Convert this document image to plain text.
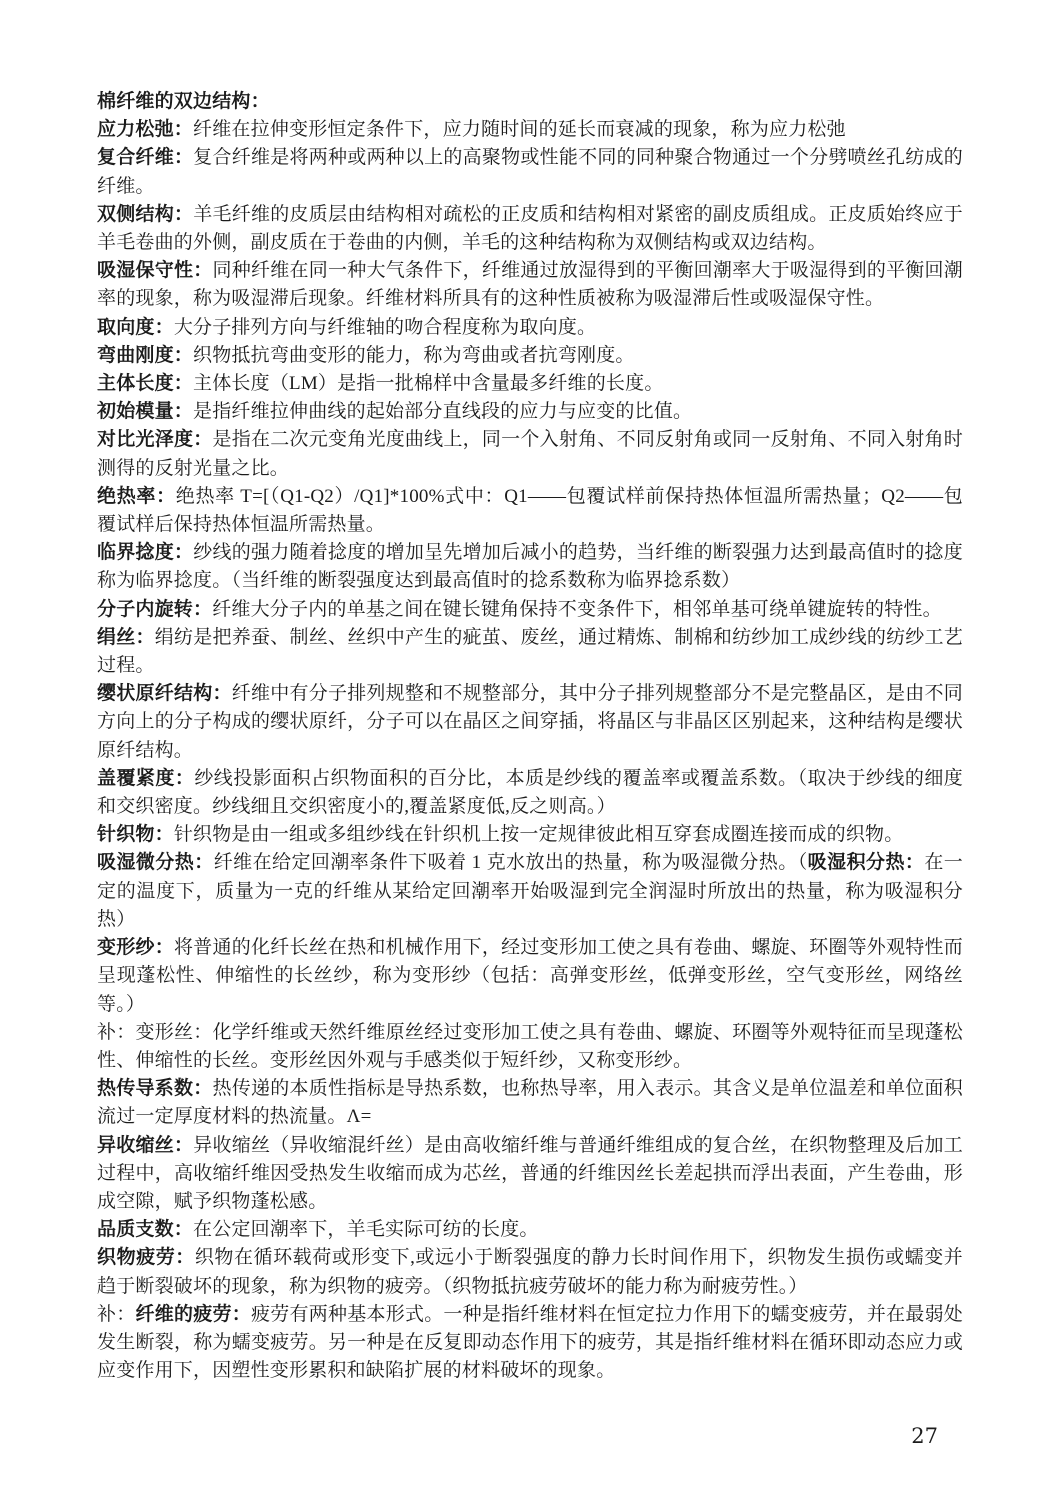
棉纤维的双边结构：

应力松弛：纤维在拉伸变形恒定条件下，应力随时间的延长而衰减的现象，称为应力松弛

复合纤维：复合纤维是将两种或两种以上的高聚物或性能不同的同种聚合物通过一个分劈喷丝孔纺成的纤维。

双侧结构：羊毛纤维的皮质层由结构相对疏松的正皮质和结构相对紧密的副皮质组成。正皮质始终应于羊毛卷曲的外侧，副皮质在于卷曲的内侧，羊毛的这种结构称为双侧结构或双边结构。

吸湿保守性：同种纤维在同一种大气条件下，纤维通过放湿得到的平衡回潮率大于吸湿得到的平衡回潮率的现象，称为吸湿滞后现象。纤维材料所具有的这种性质被称为吸湿滞后性或吸湿保守性。

取向度：大分子排列方向与纤维轴的吻合程度称为取向度。

弯曲刚度：织物抵抗弯曲变形的能力，称为弯曲或者抗弯刚度。

主体长度：主体长度（LM）是指一批棉样中含量最多纤维的长度。

初始模量：是指纤维拉伸曲线的起始部分直线段的应力与应变的比值。

对比光泽度：是指在二次元变角光度曲线上，同一个入射角、不同反射角或同一反射角、不同入射角时测得的反射光量之比。

绝热率：绝热率 T=[（Q1-Q2）/Q1]*100%式中：Q1——包覆试样前保持热体恒温所需热量；Q2——包覆试样后保持热体恒温所需热量。

临界捻度：纱线的强力随着捻度的增加呈先增加后减小的趋势，当纤维的断裂强力达到最高值时的捻度称为临界捻度。（当纤维的断裂强度达到最高值时的捻系数称为临界捻系数）

分子内旋转：纤维大分子内的单基之间在键长键角保持不变条件下，相邻单基可绕单键旋转的特性。

绢丝：绢纺是把养蚕、制丝、丝织中产生的疵茧、废丝，通过精炼、制棉和纺纱加工成纱线的纺纱工艺过程。

缨状原纤结构：纤维中有分子排列规整和不规整部分，其中分子排列规整部分不是完整晶区，是由不同方向上的分子构成的缨状原纤，分子可以在晶区之间穿插，将晶区与非晶区区别起来，这种结构是缨状原纤结构。

盖覆紧度：纱线投影面积占织物面积的百分比，本质是纱线的覆盖率或覆盖系数。（取决于纱线的细度和交织密度。纱线细且交织密度小的,覆盖紧度低,反之则高。）

针织物：针织物是由一组或多组纱线在针织机上按一定规律彼此相互穿套成圈连接而成的织物。

吸湿微分热：纤维在给定回潮率条件下吸着 1 克水放出的热量，称为吸湿微分热。（吸湿积分热：在一定的温度下，质量为一克的纤维从某给定回潮率开始吸湿到完全润湿时所放出的热量，称为吸湿积分热）

变形纱：将普通的化纤长丝在热和机械作用下，经过变形加工使之具有卷曲、螺旋、环圈等外观特性而呈现蓬松性、伸缩性的长丝纱，称为变形纱（包括：高弹变形丝，低弹变形丝，空气变形丝，网络丝等。）

补：变形丝：化学纤维或天然纤维原丝经过变形加工使之具有卷曲、螺旋、环圈等外观特征而呈现蓬松性、伸缩性的长丝。变形丝因外观与手感类似于短纤纱，又称变形纱。

热传导系数：热传递的本质性指标是导热系数，也称热导率，用入表示。其含义是单位温差和单位面积流过一定厚度材料的热流量。Λ=

异收缩丝：异收缩丝（异收缩混纤丝）是由高收缩纤维与普通纤维组成的复合丝，在织物整理及后加工过程中，高收缩纤维因受热发生收缩而成为芯丝，普通的纤维因丝长差起拱而浮出表面，产生卷曲，形成空隙，赋予织物蓬松感。

品质支数：在公定回潮率下，羊毛实际可纺的长度。

织物疲劳：织物在循环载荷或形变下,或远小于断裂强度的静力长时间作用下，织物发生损伤或蠕变并趋于断裂破坏的现象，称为织物的疲旁。（织物抵抗疲劳破坏的能力称为耐疲劳性。）

补：纤维的疲劳：疲劳有两种基本形式。一种是指纤维材料在恒定拉力作用下的蠕变疲劳，并在最弱处发生断裂，称为蠕变疲劳。另一种是在反复即动态作用下的疲劳，其是指纤维材料在循环即动态应力或应变作用下，因塑性变形累积和缺陷扩展的材料破坏的现象。

27
